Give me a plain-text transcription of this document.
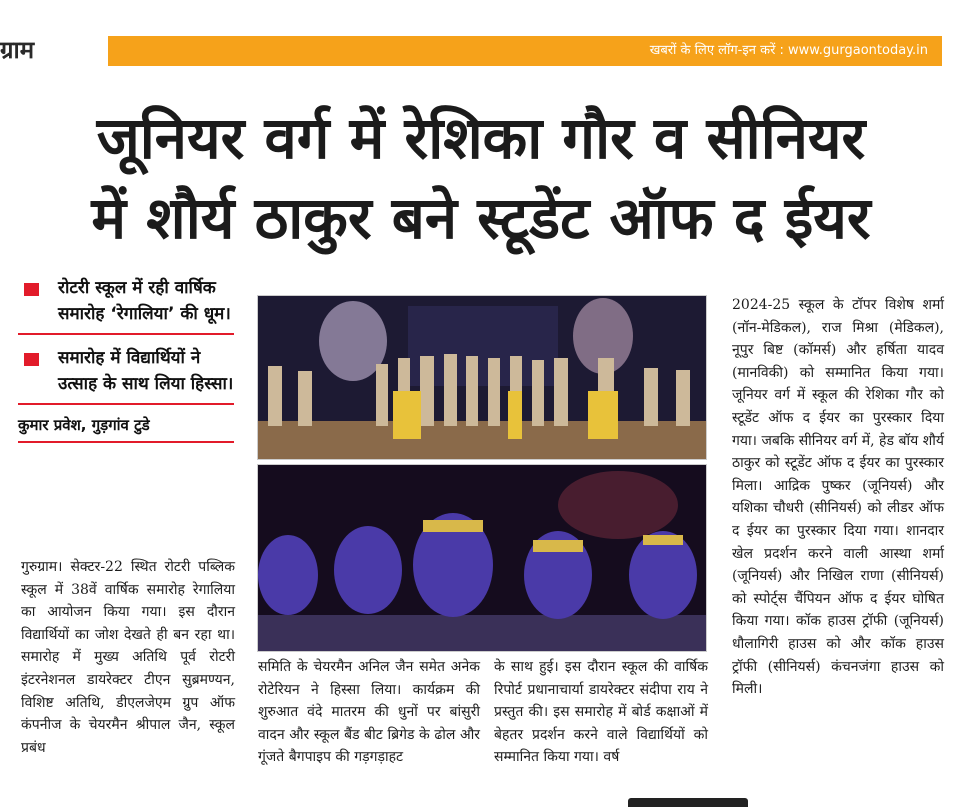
ग्राम	खबरों के लिए लॉग-इन करें : www.gurgaontoday.in
जूनियर वर्ग में रेशिका गौर व सीनियर
में शौर्य ठाकुर बने स्टूडेंट ऑफ द ईयर
रोटरी स्कूल में रही वार्षिक समारोह ‘रेगालिया’ की धूम।
समारोह में विद्यार्थियों ने उत्साह के साथ लिया हिस्सा।
कुमार प्रवेश, गुड़गांव टुडे

गुरुग्राम। सेक्टर-22 स्थित रोटरी पब्लिक स्कूल में 38वें वार्षिक समारोह रेगालिया का आयोजन किया गया। इस दौरान विद्यार्थियों का जोश देखते ही बन रहा था। समारोह में मुख्य अतिथि पूर्व रोटरी इंटरनेशनल डायरेक्टर टीएन सुब्रमण्यन, विशिष्ट अतिथि, डीएलजेएम ग्रुप ऑफ कंपनीज के चेयरमैन श्रीपाल जैन, स्कूल प्रबंध

समिति के चेयरमैन अनिल जैन समेत अनेक रोटेरियन ने हिस्सा लिया। कार्यक्रम की शुरुआत वंदे मातरम की धुनों पर बांसुरी वादन और स्कूल बैंड बीट ब्रिगेड के ढोल और गूंजते बैगपाइप की गड़गड़ाहट

के साथ हुई। इस दौरान स्कूल की वार्षिक रिपोर्ट प्रधानाचार्या डायरेक्टर संदीपा राय ने प्रस्तुत की। इस समारोह में बोर्ड कक्षाओं में बेहतर प्रदर्शन करने वाले विद्यार्थियों को सम्मानित किया गया। वर्ष

2024-25 स्कूल के टॉपर विशेष शर्मा (नॉन-मेडिकल), राज मिश्रा (मेडिकल), नूपुर बिष्ट (कॉमर्स) और हर्षिता यादव (मानविकी) को सम्मानित किया गया। जूनियर वर्ग में स्कूल की रेशिका गौर को स्टूडेंट ऑफ द ईयर का पुरस्कार दिया गया। जबकि सीनियर वर्ग में, हेड बॉय शौर्य ठाकुर को स्टूडेंट ऑफ द ईयर का पुरस्कार मिला। आद्रिक पुष्कर (जूनियर्स) और यशिका चौधरी (सीनियर्स) को लीडर ऑफ द ईयर का पुरस्कार दिया गया। शानदार खेल प्रदर्शन करने वाली आस्था शर्मा (जूनियर्स) और निखिल राणा (सीनियर्स) को स्पोर्ट्स चैंपियन ऑफ द ईयर घोषित किया गया। कॉक हाउस ट्रॉफी (जूनियर्स) धौलागिरी हाउस को और कॉक हाउस ट्रॉफी (सीनियर्स) कंचनजंगा हाउस को मिली।
